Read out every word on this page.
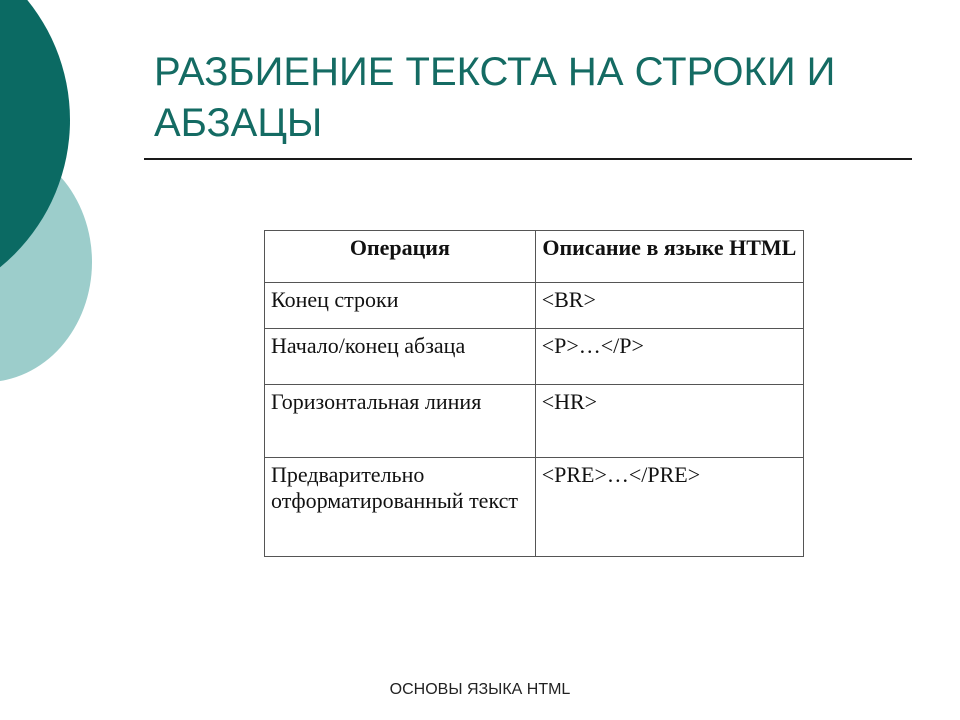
РАЗБИЕНИЕ ТЕКСТА НА СТРОКИ И АБЗАЦЫ
Операция	Описание в языке HTML
Конец строки	<BR>
Начало/конец абзаца	<P>…</P>
Горизонтальная линия	<HR>
Предварительно отформатированный текст	<PRE>…</PRE>
ОСНОВЫ ЯЗЫКА HTML
